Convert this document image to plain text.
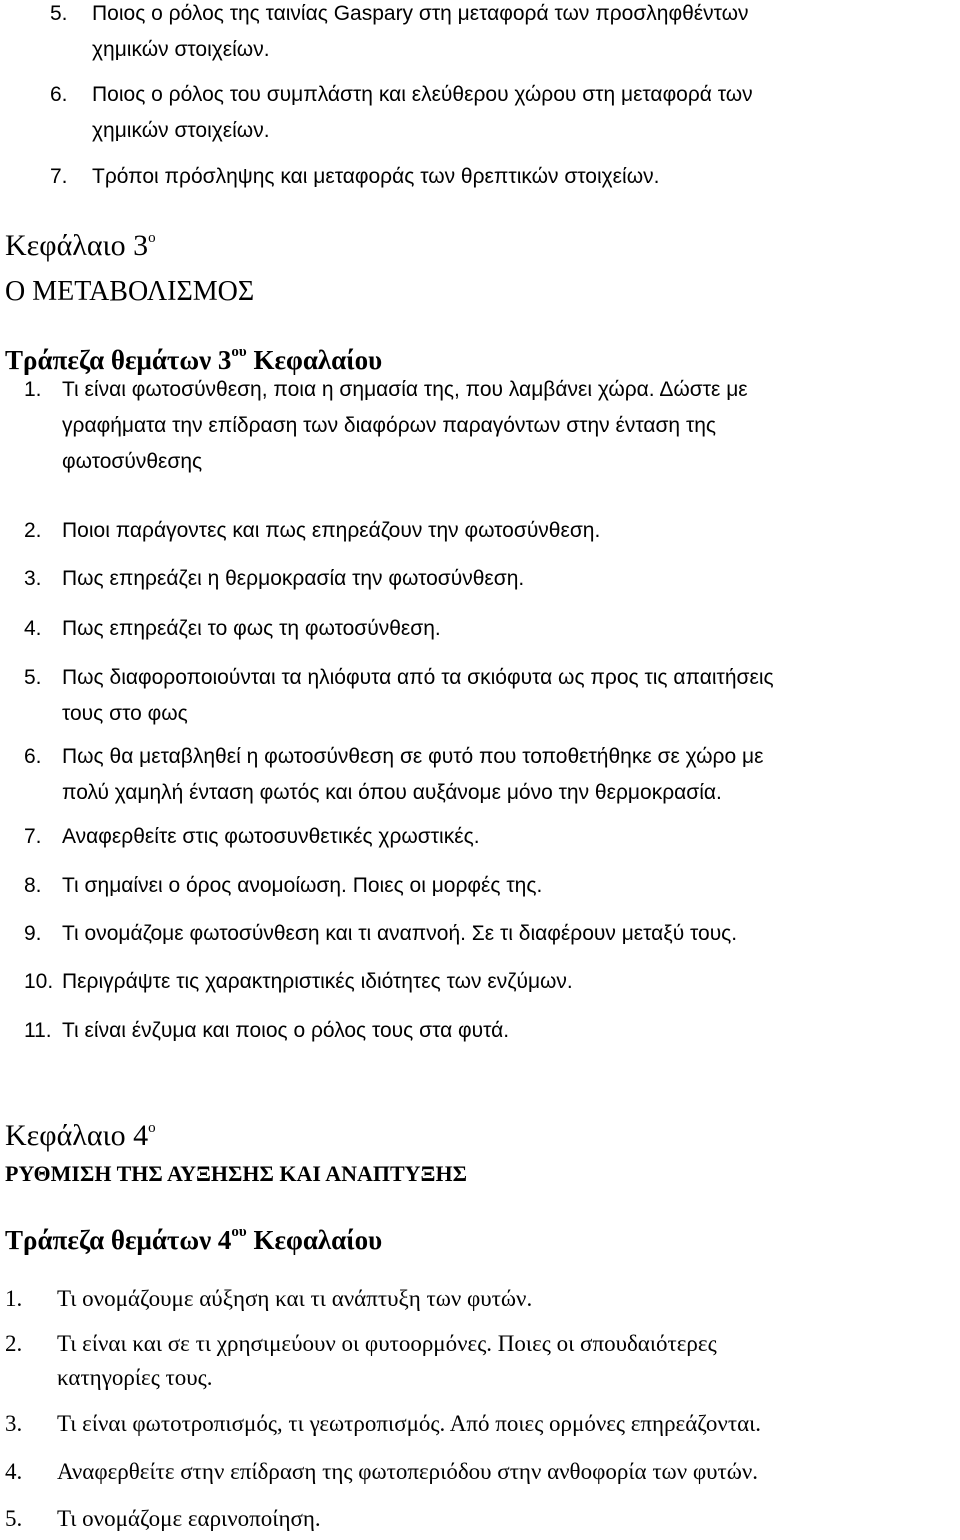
5. Ποιος ο ρόλος της ταινίας Gaspary στη μεταφορά των προσληφθέντων
χημικών στοιχείων.
6. Ποιος ο ρόλος του συμπλάστη και ελεύθερου χώρου στη μεταφορά των
χημικών στοιχείων.
7. Τρόποι πρόσληψης και μεταφοράς των θρεπτικών στοιχείων.
Κεφάλαιο $3^o$
Ο ΜΕΤΑΒΟΛΙΣΜΟΣ
Τράπεζα θεμάτων $3^{o\upsilon}$ Κεφαλαίου
1. Τι είναι φωτοσύνθεση, ποια η σημασία της, που λαμβάνει χώρα. Δώστε με
γραφήματα την επίδραση των διαφόρων παραγόντων στην ένταση της
φωτοσύνθεσης
2. Ποιοι παράγοντες και πως επηρεάζουν την φωτοσύνθεση.
3. Πως επηρεάζει η θερμοκρασία την φωτοσύνθεση.
4. Πως επηρεάζει το φως τη φωτοσύνθεση.
5. Πως διαφοροποιούνται τα ηλιόφυτα από τα σκιόφυτα ως προς τις απαιτήσεις
τους στο φως
6. Πως θα μεταβληθεί η φωτοσύνθεση σε φυτό που τοποθετήθηκε σε χώρο με
πολύ χαμηλή ένταση φωτός και όπου αυξάνομε μόνο την θερμοκρασία.
7. Αναφερθείτε στις φωτοσυνθετικές χρωστικές.
8. Τι σημαίνει ο όρος ανομοίωση. Ποιες οι μορφές της.
9. Τι ονομάζομε φωτοσύνθεση και τι αναπνοή. Σε τι διαφέρουν μεταξύ τους.
10. Περιγράψτε τις χαρακτηριστικές ιδιότητες των ενζύμων.
11. Τι είναι ένζυμα και ποιος ο ρόλος τους στα φυτά.
Κεφάλαιο $4^o$
ΡΥΘΜΙΣΗ ΤΗΣ ΑΥΞΗΣΗΣ ΚΑΙ ΑΝΑΠΤΥΞΗΣ
Τράπεζα θεμάτων $4^{o\upsilon}$ Κεφαλαίου
1. Τι ονομάζουμε αύξηση και τι ανάπτυξη των φυτών.
2. Τι είναι και σε τι χρησιμεύουν οι φυτοορμόνες. Ποιες οι σπουδαιότερες
κατηγορίες τους.
3. Τι είναι φωτοτροπισμός, τι γεωτροπισμός. Από ποιες ορμόνες επηρεάζονται.
4. Αναφερθείτε στην επίδραση της φωτοπεριόδου στην ανθοφορία των φυτών.
5. Τι ονομάζομε εαρινοποίηση.
